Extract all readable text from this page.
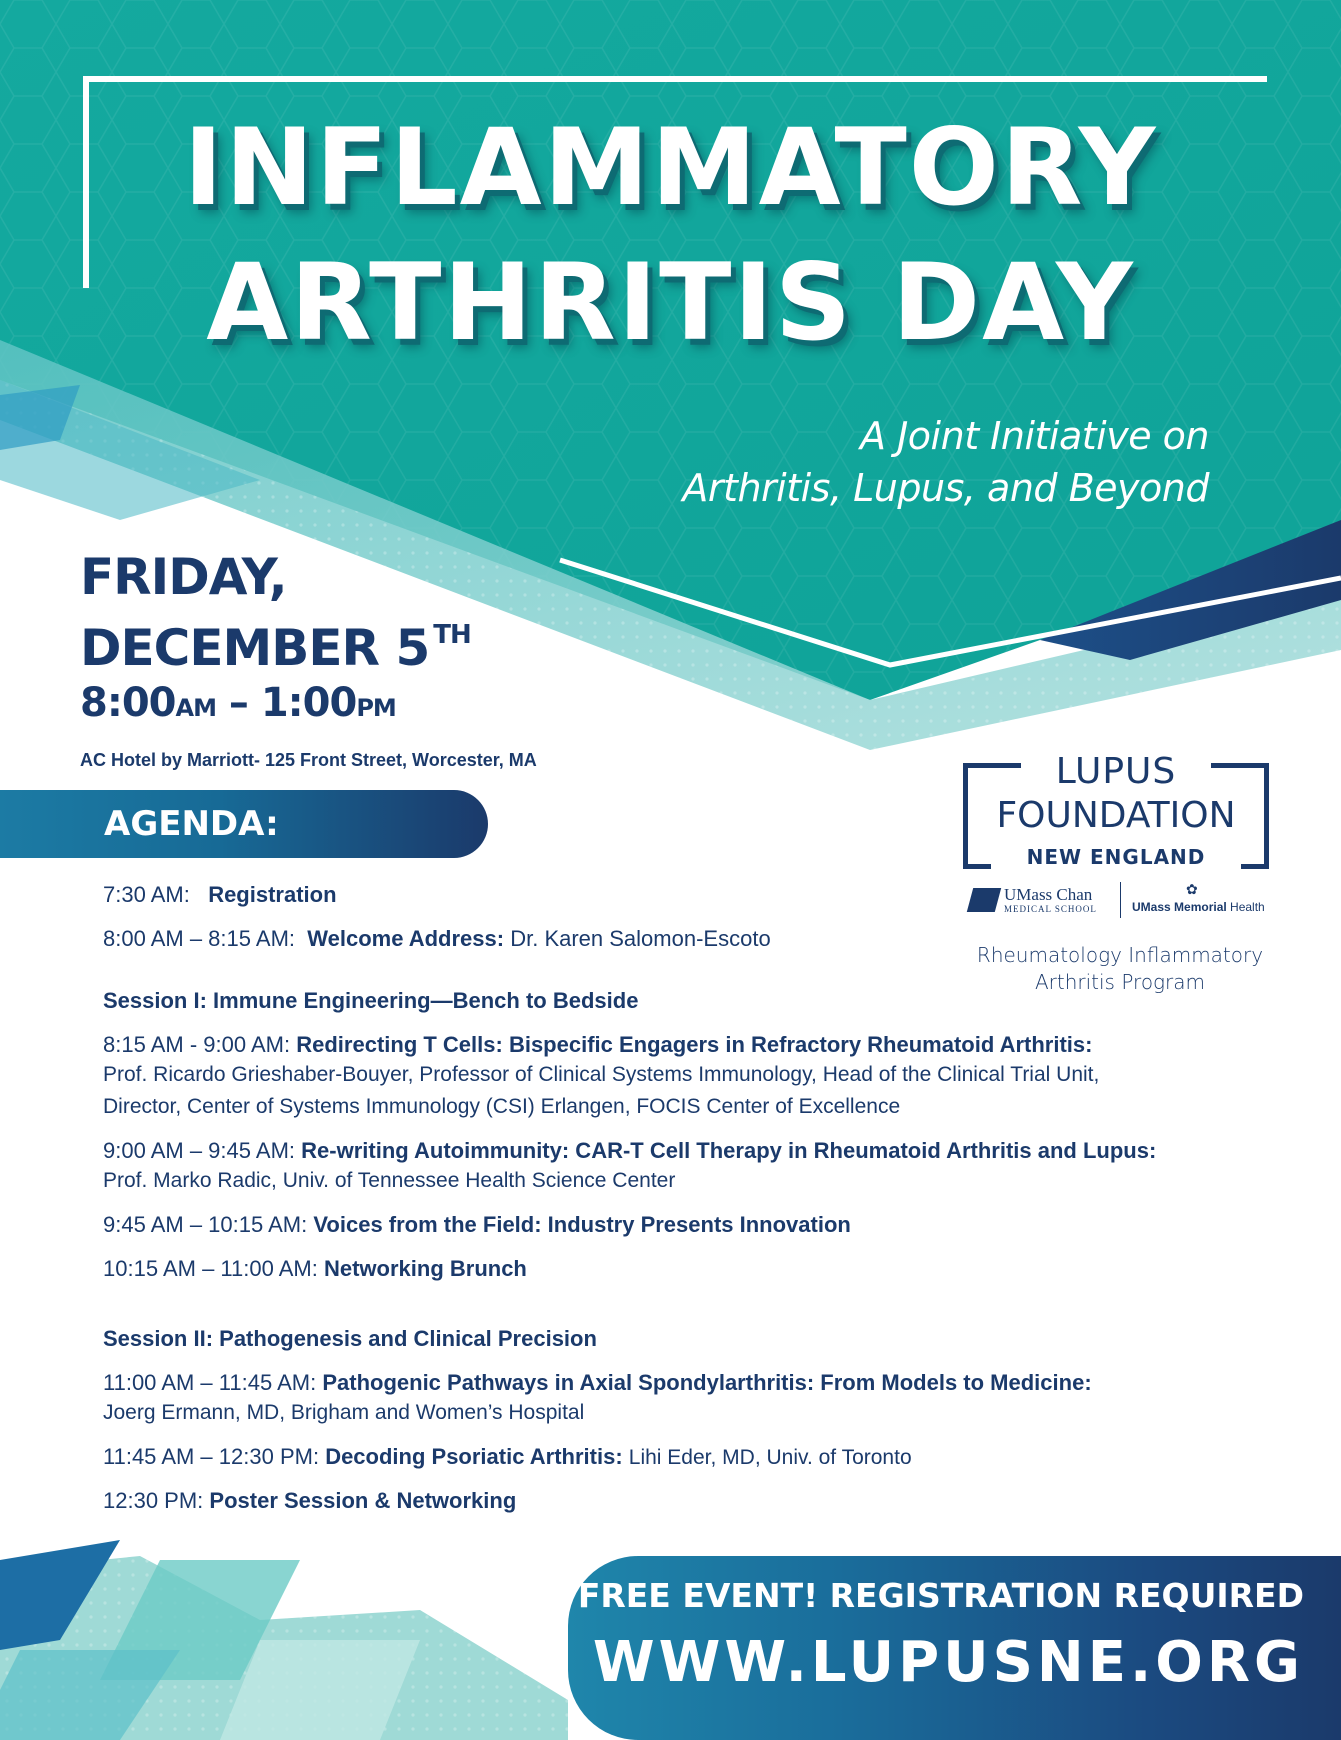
INFLAMMATORY
ARTHRITIS DAY
A Joint Initiative on
Arthritis, Lupus, and Beyond
FRIDAY,
DECEMBER 5 $^{TH}$
8:00AM – 1:00PM
AC Hotel by Marriott- 125 Front Street, Worcester, MA
AGENDA:
LUPUS
FOUNDATION
NEW ENGLAND
UMass Chan
MEDICAL SCHOOL
✿
UMass Memorial Health
Rheumatology Inflammatory
Arthritis Program
7:30 AM: Registration
8:00 AM – 8:15 AM: Welcome Address: Dr. Karen Salomon-Escoto
Session I: Immune Engineering—Bench to Bedside
8:15 AM - 9:00 AM: Redirecting T Cells: Bispecific Engagers in Refractory Rheumatoid Arthritis:
Prof. Ricardo Grieshaber-Bouyer, Professor of Clinical Systems Immunology, Head of the Clinical Trial Unit,
Director, Center of Systems Immunology (CSI) Erlangen, FOCIS Center of Excellence
9:00 AM – 9:45 AM: Re-writing Autoimmunity: CAR-T Cell Therapy in Rheumatoid Arthritis and Lupus:
Prof. Marko Radic, Univ. of Tennessee Health Science Center
9:45 AM – 10:15 AM: Voices from the Field: Industry Presents Innovation
10:15 AM – 11:00 AM: Networking Brunch
Session II: Pathogenesis and Clinical Precision
11:00 AM – 11:45 AM: Pathogenic Pathways in Axial Spondylarthritis: From Models to Medicine:
Joerg Ermann, MD, Brigham and Women’s Hospital
11:45 AM – 12:30 PM: Decoding Psoriatic Arthritis: Lihi Eder, MD, Univ. of Toronto
12:30 PM: Poster Session & Networking
FREE EVENT! REGISTRATION REQUIRED
WWW.LUPUSNE.ORG
